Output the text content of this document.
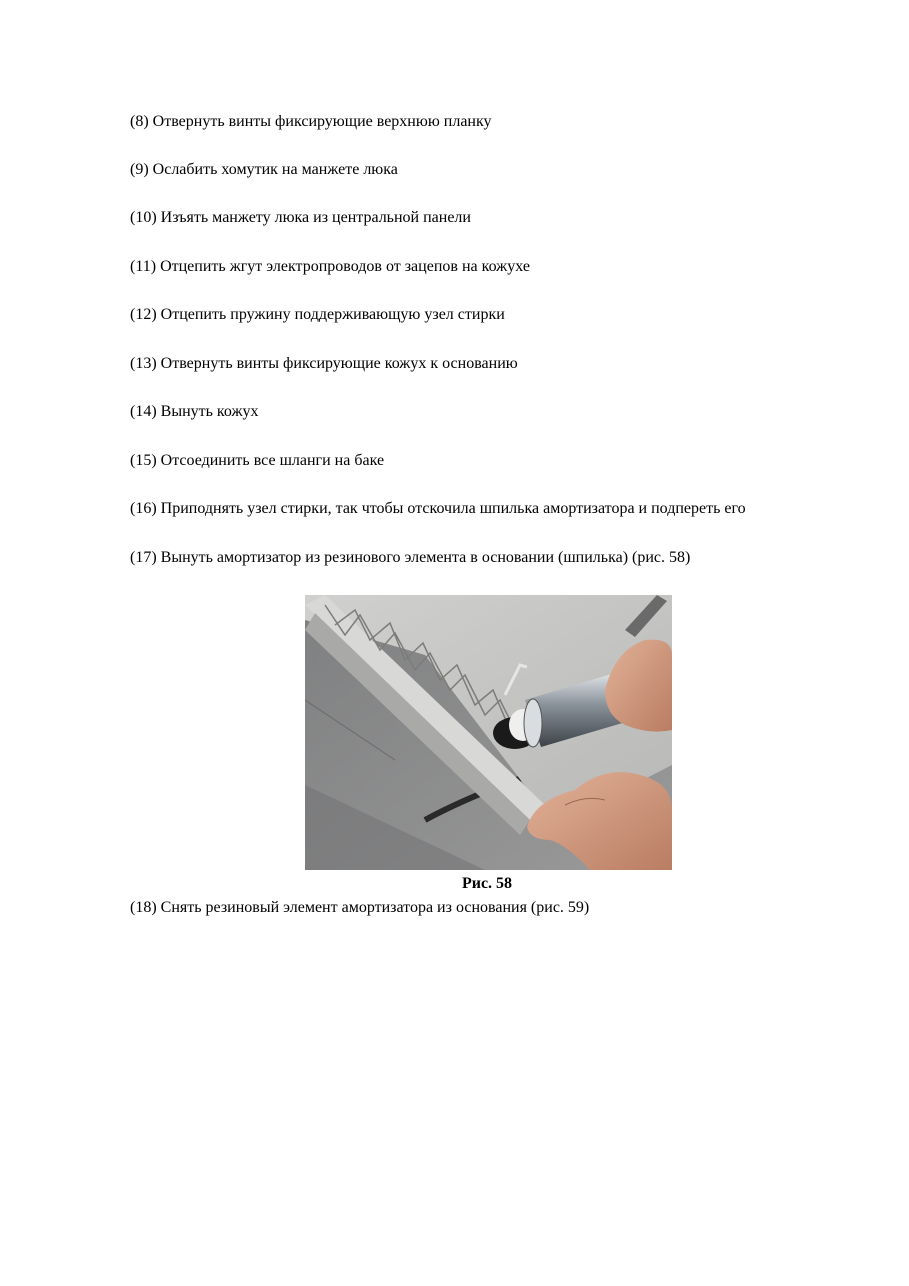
(8) Отвернуть винты фиксирующие верхнюю планку
(9) Ослабить хомутик на манжете люка
(10) Изъять манжету люка из центральной панели
(11) Отцепить жгут электропроводов от зацепов на кожухе
(12) Отцепить пружину поддерживающую узел стирки
(13) Отвернуть винты фиксирующие кожух к основанию
(14) Вынуть кожух
(15) Отсоединить все шланги на баке
(16) Приподнять узел стирки, так чтобы отскочила шпилька амортизатора и подпереть его
(17) Вынуть амортизатор из резинового элемента в основании (шпилька) (рис. 58)
Рис. 58
(18) Снять резиновый элемент амортизатора из основания (рис. 59)
